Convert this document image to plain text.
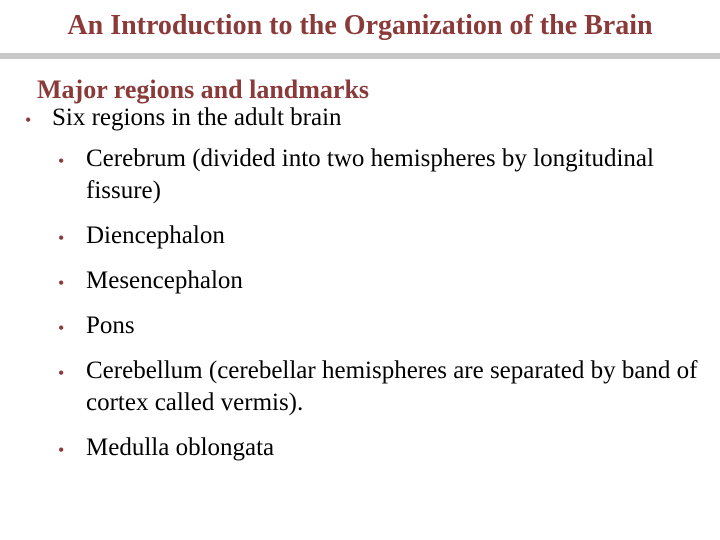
An Introduction to the Organization of the Brain
Major regions and landmarks
• Six regions in the adult brain
• Cerebrum (divided into two hemispheres by longitudinal fissure)
• Diencephalon
• Mesencephalon
• Pons
• Cerebellum (cerebellar hemispheres are separated by band of cortex called vermis).
• Medulla oblongata
